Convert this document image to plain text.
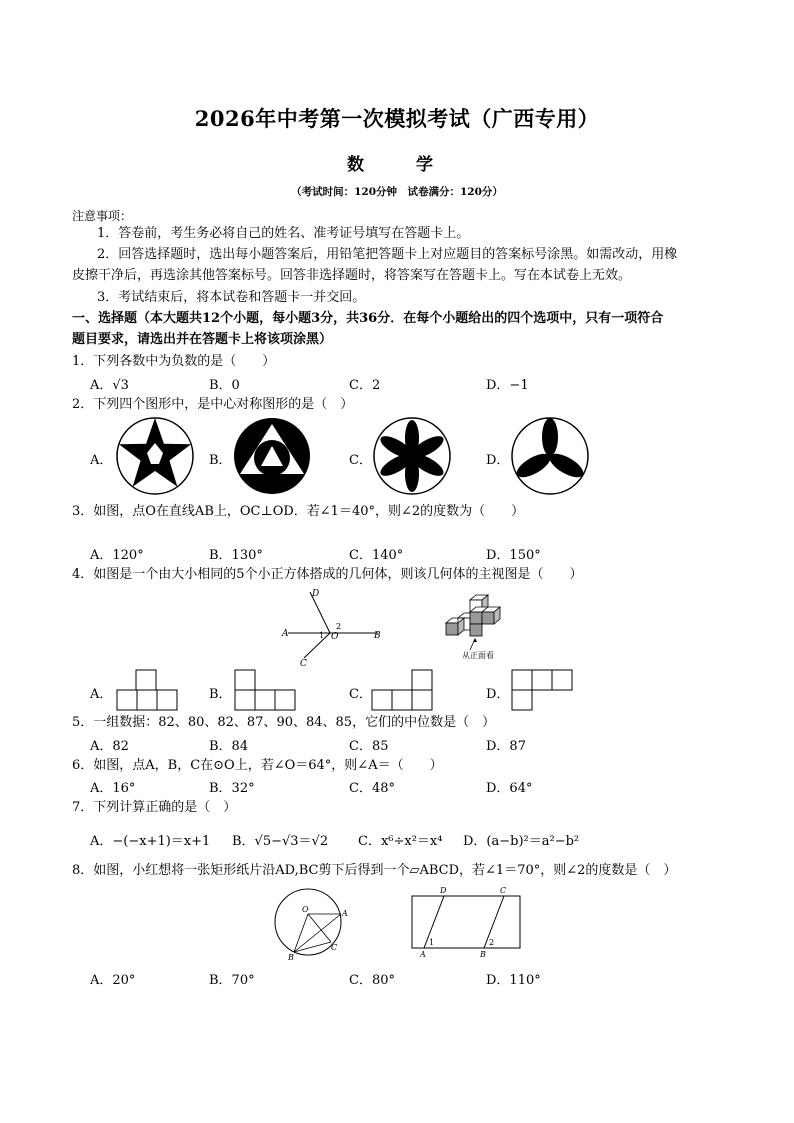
2026年中考第一次模拟考试（广西专用）
数 学
（考试时间：120分钟　试卷满分：120分）
注意事项：
1．答卷前，考生务必将自己的姓名、准考证号填写在答题卡上。
2．回答选择题时，选出每小题答案后，用铅笔把答题卡上对应题目的答案标号涂黑。如需改动，用橡
皮擦干净后，再选涂其他答案标号。回答非选择题时，将答案写在答题卡上。写在本试卷上无效。
3．考试结束后，将本试卷和答题卡一并交回。
一、选择题（本大题共12个小题，每小题3分，共36分．在每个小题给出的四个选项中，只有一项符合
题目要求，请选出并在答题卡上将该项涂黑）
1．下列各数中为负数的是（　　）
A．√3	B．0	C．2	D．−1
2．下列四个图形中，是中心对称图形的是（　）
A．	B．	C．	D．
3．如图，点O在直线AB上，OC⊥OD．若∠1＝40°，则∠2的度数为（　　）
A．120°	B．130°	C．140°	D．150°
4．如图是一个由大小相同的5个小正方体搭成的几何体，则该几何体的主视图是（　　）
A	B
C
D
O
1
2
从正面看
A．	B．	C．	D．
5．一组数据：82、80、82、87、90、84、85，它们的中位数是（　）
A．82	B．84	C．85	D．87
6．如图，点A，B，C在⊙O上，若∠O＝64°，则∠A＝（　　）
A．16°	B．32°	C．48°	D．64°
7．下列计算正确的是（　）
A．−(−x+1)＝x+1 B．√5−√3＝√2 C．x⁶÷x²＝x⁴ D．(a−b)²＝a²−b²
8．如图，小红想将一张矩形纸片沿AD,BC剪下后得到一个▱ABCD，若∠1＝70°，则∠2的度数是（　）
O	A
B
C
D	C
A	B
1	2
A．20°	B．70°	C．80°	D．110°
